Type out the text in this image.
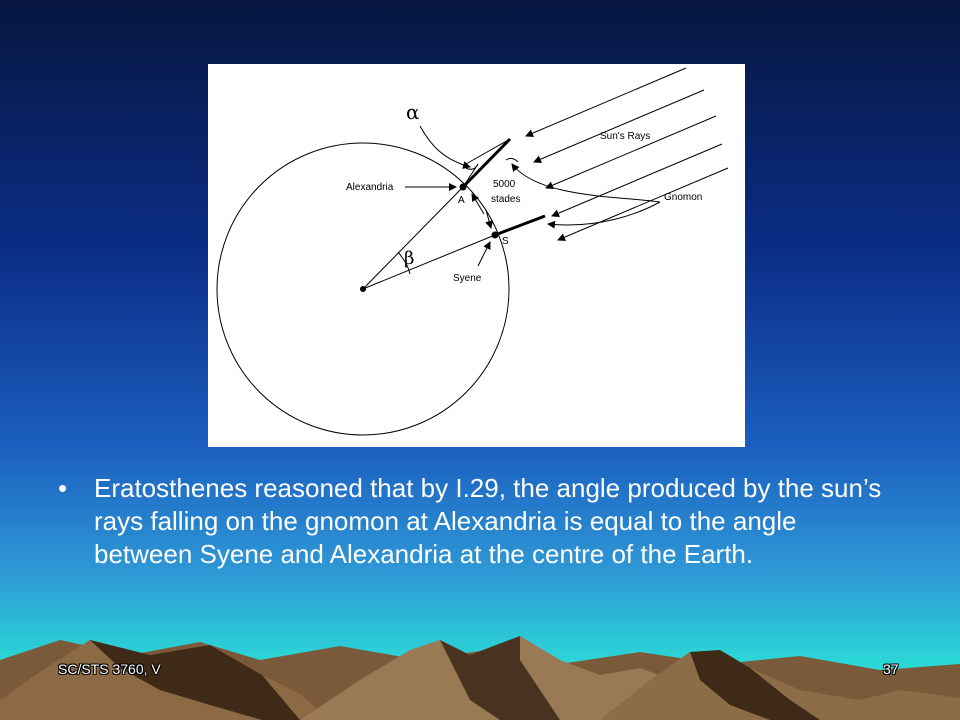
α
β
Sun's Rays
Alexandria
A
5000
stades	Gnomon
S
Syene
•	Eratosthenes reasoned that by I.29, the angle produced by the sun’s rays falling on the gnomon at Alexandria is equal to the angle between Syene and Alexandria at the centre of the Earth.
SC/STS 3760, V	37
